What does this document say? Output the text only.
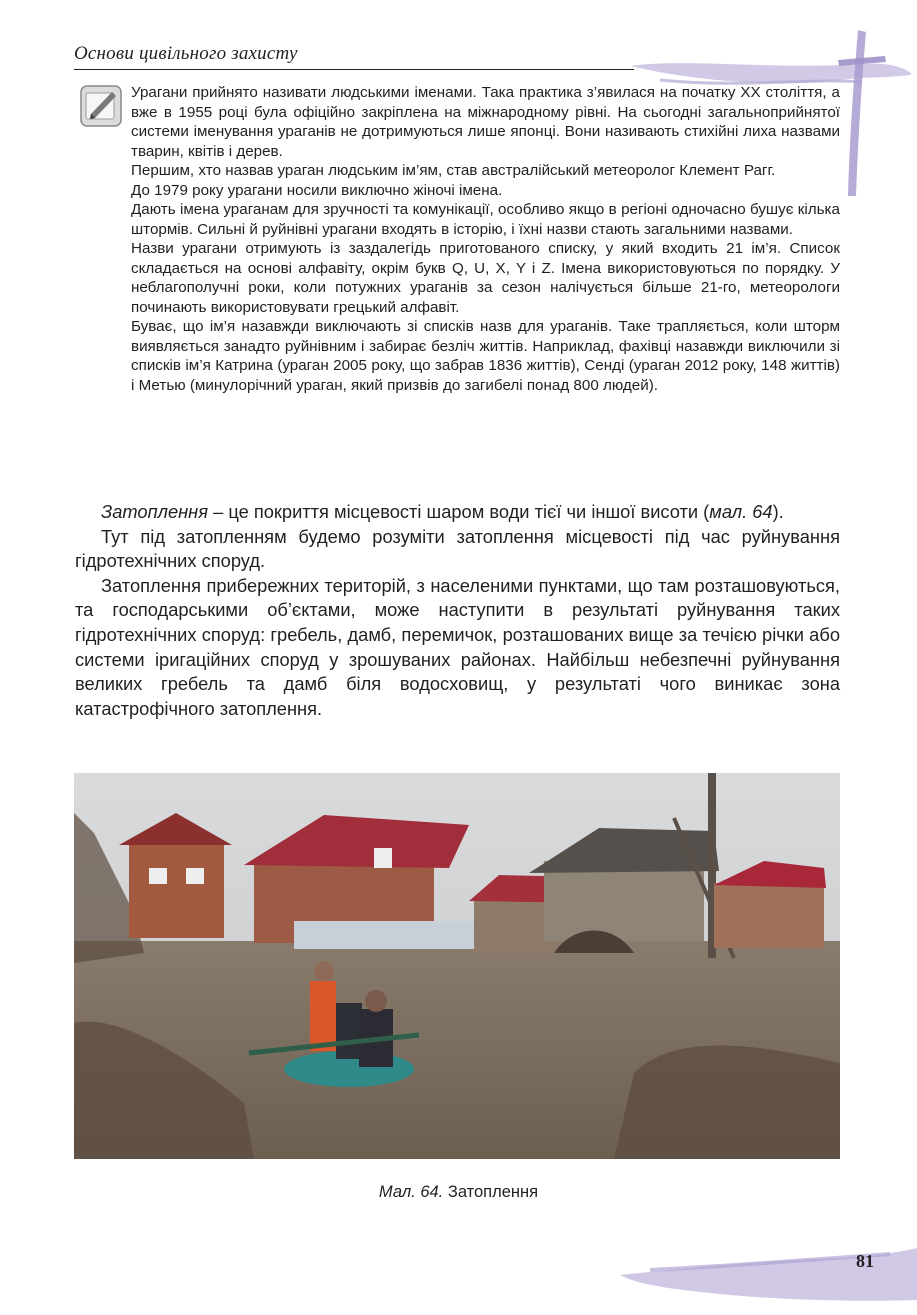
Основи цивільного захисту

Урагани прийнято називати людськими іменами. Така практика з’явилася на початку XX століття, а вже в 1955 році була офіційно закріплена на міжнародному рівні. На сьогодні загальноприйнятої системи іменування ураганів не дотримуються лише японці. Вони називають стихійні лиха назвами тварин, квітів і дерев.

Першим, хто назвав ураган людським ім’ям, став австралійський метеоролог Клемент Рагг.

До 1979 року урагани носили виключно жіночі імена.

Дають імена ураганам для зручності та комунікації, особливо якщо в регіоні одночасно бушує кілька штормів. Сильні й руйнівні урагани входять в історію, і їхні назви стають загальними назвами.

Назви урагани отримують із заздалегідь приготованого списку, у який входить 21 ім’я. Список складається на основі алфавіту, окрім букв Q, U, X, Y і Z. Імена використовуються по порядку. У неблагополучні роки, коли потужних ураганів за сезон налічується більше 21-го, метеорологи починають використовувати грецький алфавіт.

Буває, що ім’я назавжди виключають зі списків назв для ураганів. Таке трапляється, коли шторм виявляється занадто руйнівним і забирає безліч життів. Наприклад, фахівці назавжди виключили зі списків ім’я Катрина (ураган 2005 року, що забрав 1836 життів), Сенді (ураган 2012 року, 148 життів) і Метью (минулорічний ураган, який призвів до загибелі понад 800 людей).

Затоплення – це покриття місцевості шаром води тієї чи іншої висоти (мал. 64).

Тут під затопленням будемо розуміти затоплення місцевості під час руйнування гідротехнічних споруд.

Затоплення прибережних територій, з населеними пунктами, що там розташовуються, та господарськими об’єктами, може наступити в результаті руйнування таких гідротехнічних споруд: гребель, дамб, перемичок, розташованих вище за течією річки або системи іригаційних споруд у зрошуваних районах. Найбільш небезпечні руйнування великих гребель та дамб біля водосховищ, у результаті чого виникає зона катастрофічного затоплення.

Мал. 64. Затоплення
81
